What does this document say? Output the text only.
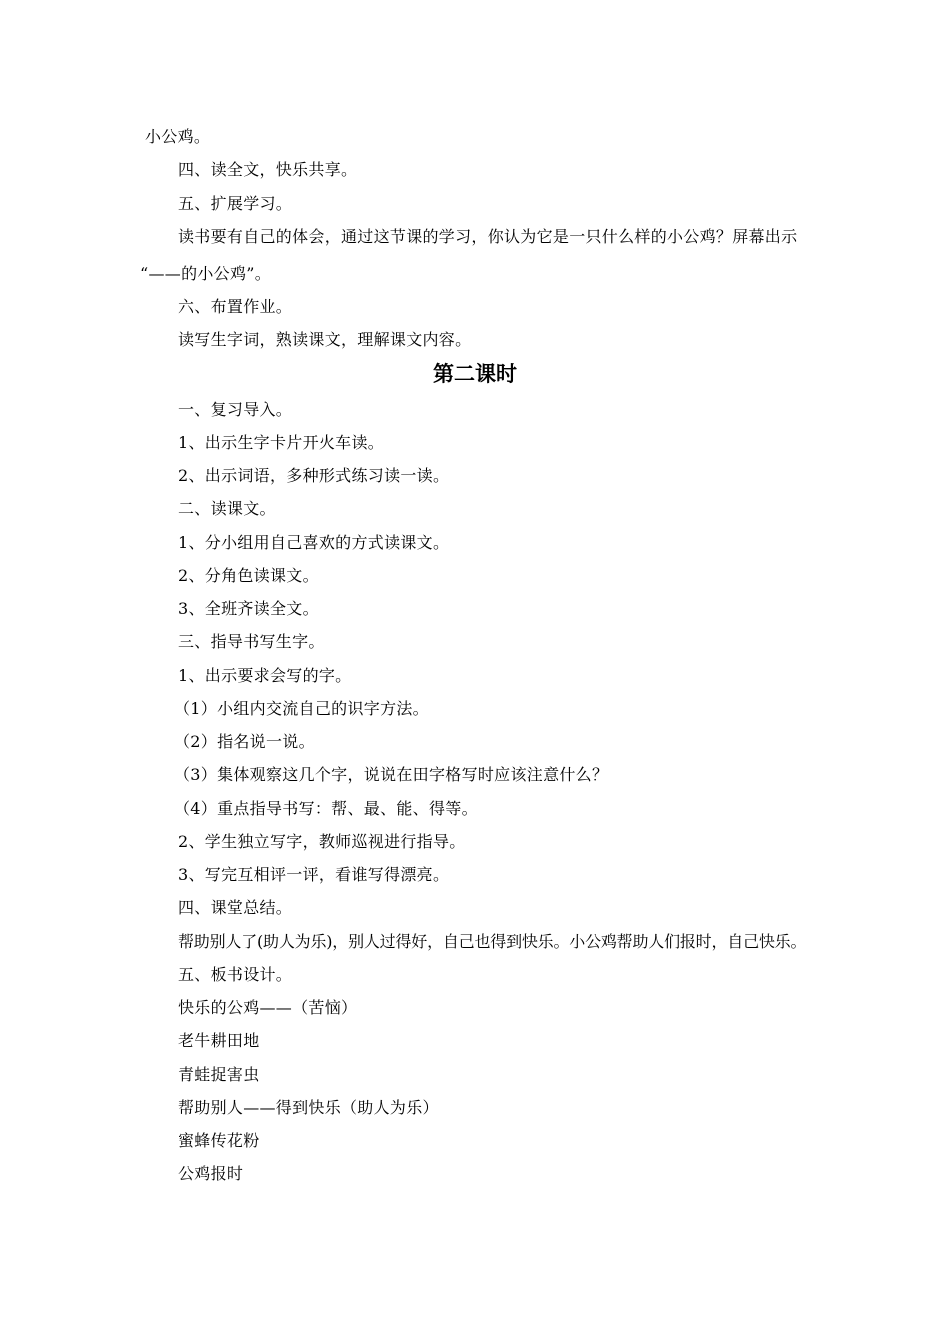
小公鸡。
四、读全文，快乐共享。
五、扩展学习。
读书要有自己的体会，通过这节课的学习，你认为它是一只什么样的小公鸡？屏幕出示
“——的小公鸡”。
六、布置作业。
读写生字词，熟读课文，理解课文内容。
第二课时
一、复习导入。
1、出示生字卡片开火车读。
2、出示词语，多种形式练习读一读。
二、读课文。
1、分小组用自己喜欢的方式读课文。
2、分角色读课文。
3、全班齐读全文。
三、指导书写生字。
1、出示要求会写的字。
（1）小组内交流自己的识字方法。
（2）指名说一说。
（3）集体观察这几个字，说说在田字格写时应该注意什么？
（4）重点指导书写：帮、最、能、得等。
2、学生独立写字，教师巡视进行指导。
3、写完互相评一评，看谁写得漂亮。
四、课堂总结。
帮助别人了(助人为乐)，别人过得好，自己也得到快乐。小公鸡帮助人们报时，自己快乐。
五、板书设计。
快乐的公鸡——（苦恼）
老牛耕田地
青蛙捉害虫
帮助别人——得到快乐（助人为乐）
蜜蜂传花粉
公鸡报时
